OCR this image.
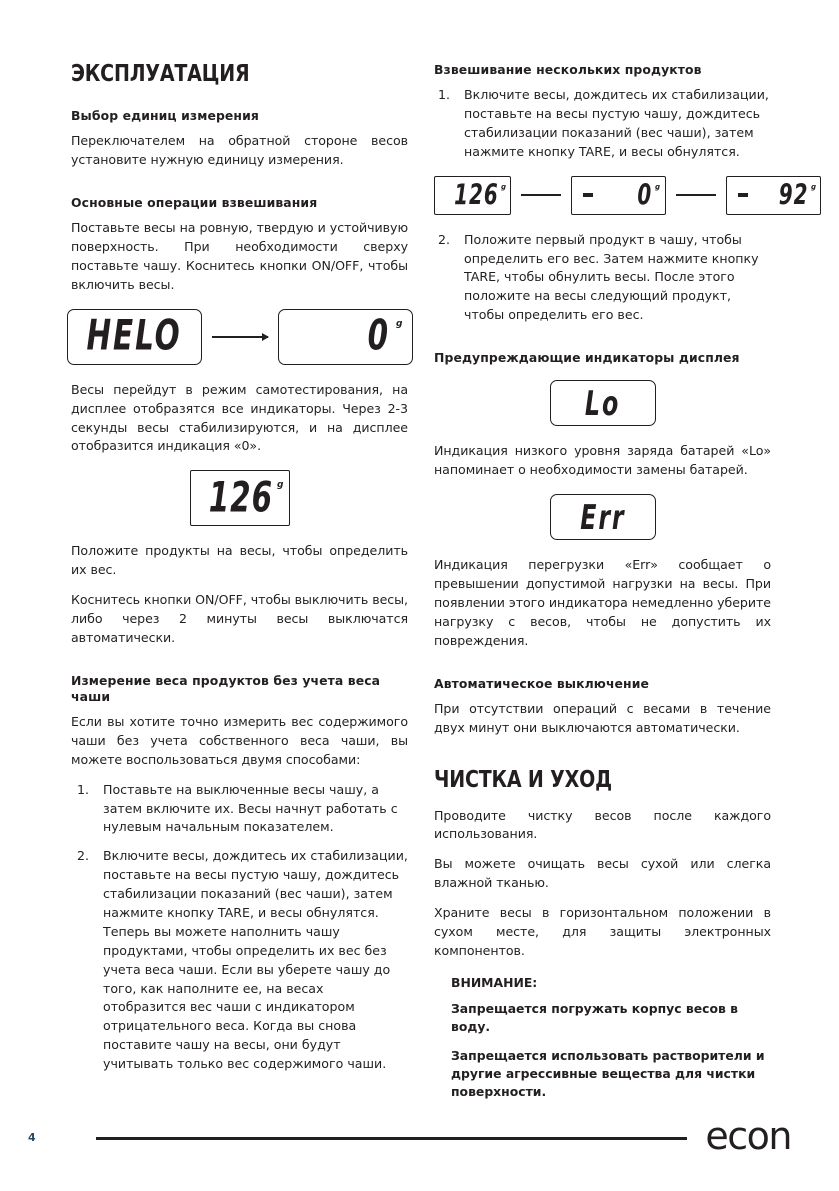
ЭКСПЛУАТАЦИЯ
Выбор единиц измерения

Переключателем на обратной стороне весов установите нужную единицу измерения.

Основные операции взвешивания

Поставьте весы на ровную, твердую и устойчивую поверхность. При необходимости сверху поставьте чашу. Коснитесь кнопки ON/OFF, чтобы включить весы.

HELO	0 g

Весы перейдут в режим самотестирования, на дисплее отобразятся все индикаторы. Через 2-3 секунды весы стабилизируются, и на дисплее отобразится индикация «0».

126 g

Положите продукты на весы, чтобы определить их вес.

Коснитесь кнопки ON/OFF, чтобы выключить весы, либо через 2 минуты весы выключатся автоматически.

Измерение веса продуктов без учета веса чаши

Если вы хотите точно измерить вес содержимого чаши без учета собственного веса чаши, вы можете воспользоваться двумя способами:

1.	Поставьте на выключенные весы чашу, а затем включите их. Весы начнут работать с нулевым начальным показателем.
2.	Включите весы, дождитесь их стабилизации, поставьте на весы пустую чашу, дождитесь стабилизации показаний (вес чаши), затем нажмите кнопку TARE, и весы обнулятся. Теперь вы можете наполнить чашу продуктами, чтобы определить их вес без учета веса чаши. Если вы уберете чашу до того, как наполните ее, на весах отобразится вес чаши с индикатором отрицательного веса. Когда вы снова поставите чашу на весы, они будут учитывать только вес содержимого чаши.
Взвешивание нескольких продуктов
1.	Включите весы, дождитесь их стабилизации, поставьте на весы пустую чашу, дождитесь стабилизации показаний (вес чаши), затем нажмите кнопку TARE, и весы обнулятся.
126 g	0 g	92 g
2.	Положите первый продукт в чашу, чтобы определить его вес. Затем нажмите кнопку TARE, чтобы обнулить весы. После этого положите на весы следующий продукт, чтобы определить его вес.
Предупреждающие индикаторы дисплея
Lo

Индикация низкого уровня заряда батарей «Lo» напоминает о необходимости замены батарей.

Err

Индикация перегрузки «Err» сообщает о превышении допустимой нагрузки на весы. При появлении этого индикатора немедленно уберите нагрузку с весов, чтобы не допустить их повреждения.

Автоматическое выключение

При отсутствии операций с весами в течение двух минут они выключаются автоматически.

ЧИСТКА И УХОД

Проводите чистку весов после каждого использования.

Вы можете очищать весы сухой или слегка влажной тканью.

Храните весы в горизонтальном положении в сухом месте, для защиты электронных компонентов.

ВНИМАНИЕ:

Запрещается погружать корпус весов в воду.

Запрещается использовать растворители и другие агрессивные вещества для чистки поверхности.

4	econ
